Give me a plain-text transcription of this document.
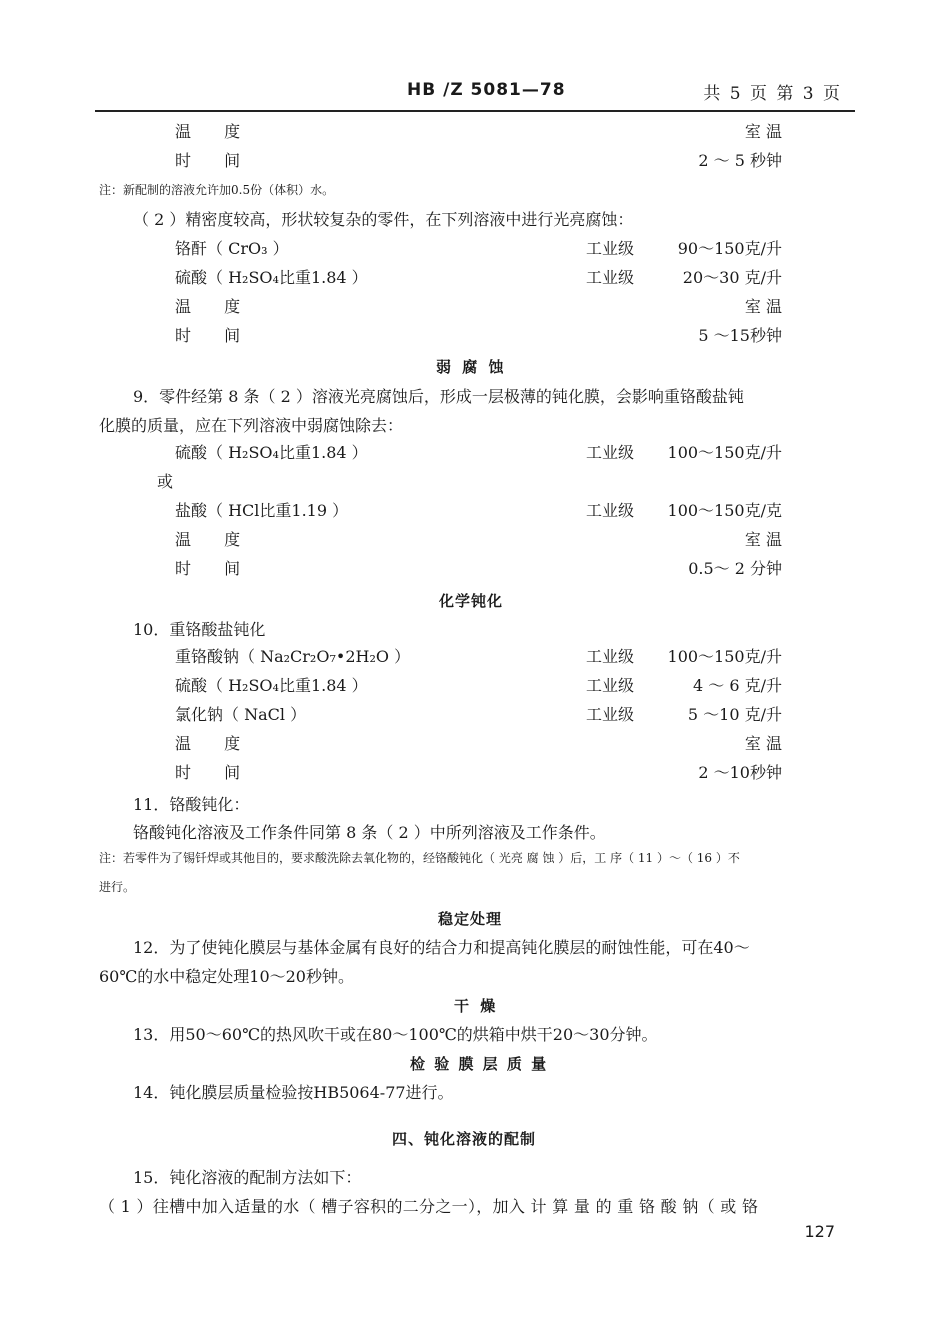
HB /Z 5081—78	共 5 页 第 3 页
温 度	室 温
时 间	2 ～ 5 秒钟
注：新配制的溶液允许加0.5份（体积）水。
（ 2 ）精密度较高，形状较复杂的零件，在下列溶液中进行光亮腐蚀：
铬酐（ CrO₃ ）	工业级	90～150克/升
硫酸（ H₂SO₄比重1.84 ）	工业级	20～30 克/升
温 度	室 温
时 间	5 ～15秒钟
弱 腐 蚀
9．零件经第 8 条（ 2 ）溶液光亮腐蚀后，形成一层极薄的钝化膜，会影响重铬酸盐钝
化膜的质量，应在下列溶液中弱腐蚀除去：
硫酸（ H₂SO₄比重1.84 ）	工业级 100～150克/升
或
盐酸（ HCl比重1.19 ）	工业级 100～150克/克
温 度	室 温
时 间	0.5～ 2 分钟
化学钝化
10．重铬酸盐钝化
重铬酸钠（ Na₂Cr₂O₇•2H₂O ）	工业级 100～150克/升
硫酸（ H₂SO₄比重1.84 ）	工业级	4 ～ 6 克/升
氯化钠（ NaCl ）	工业级	5 ～10 克/升
温 度	室 温
时 间	2 ～10秒钟
11．铬酸钝化：
铬酸钝化溶液及工作条件同第 8 条（ 2 ）中所列溶液及工作条件。
注：若零件为了锡钎焊或其他目的，要求酸洗除去氧化物的，经铬酸钝化（ 光亮 腐 蚀 ）后，工 序（ 11 ）～（ 16 ）不
进行。
稳定处理
12．为了使钝化膜层与基体金属有良好的结合力和提高钝化膜层的耐蚀性能，可在40～
60℃的水中稳定处理10～20秒钟。
干 燥
13．用50～60℃的热风吹干或在80～100℃的烘箱中烘干20～30分钟。
检 验 膜 层 质 量
14．钝化膜层质量检验按HB5064-77进行。
四、钝化溶液的配制
15．钝化溶液的配制方法如下：
（ 1 ）往槽中加入适量的水（ 槽子容积的二分之一），加入 计 算 量 的 重 铬 酸 钠（ 或 铬
127
